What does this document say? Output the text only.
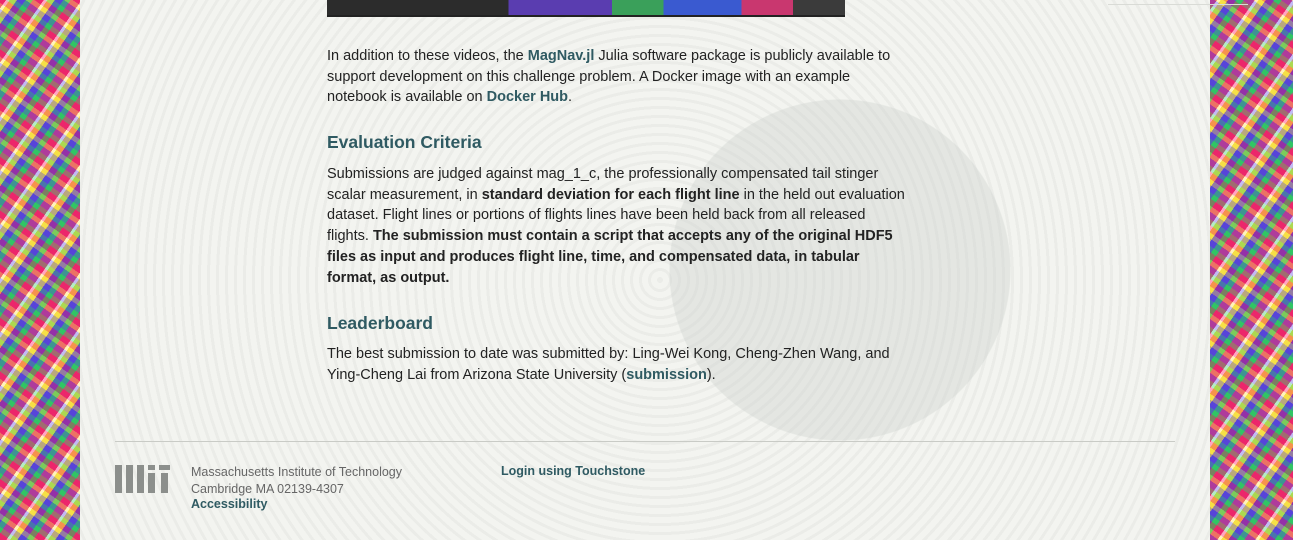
In addition to these videos, the MagNav.jl Julia software package is publicly available to support development on this challenge problem. A Docker image with an example notebook is available on Docker Hub.

Evaluation Criteria

Submissions are judged against mag_1_c, the professionally compensated tail stinger scalar measurement, in standard deviation for each flight line in the held out evaluation dataset. Flight lines or portions of flights lines have been held back from all released flights. The submission must contain a script that accepts any of the original HDF5 files as input and produces flight line, time, and compensated data, in tabular format, as output.

Leaderboard

The best submission to date was submitted by: Ling-Wei Kong, Cheng-Zhen Wang, and Ying-Cheng Lai from Arizona State University (submission).

Massachusetts Institute of Technology
Cambridge MA 02139-4307
Accessibility
Login using Touchstone
